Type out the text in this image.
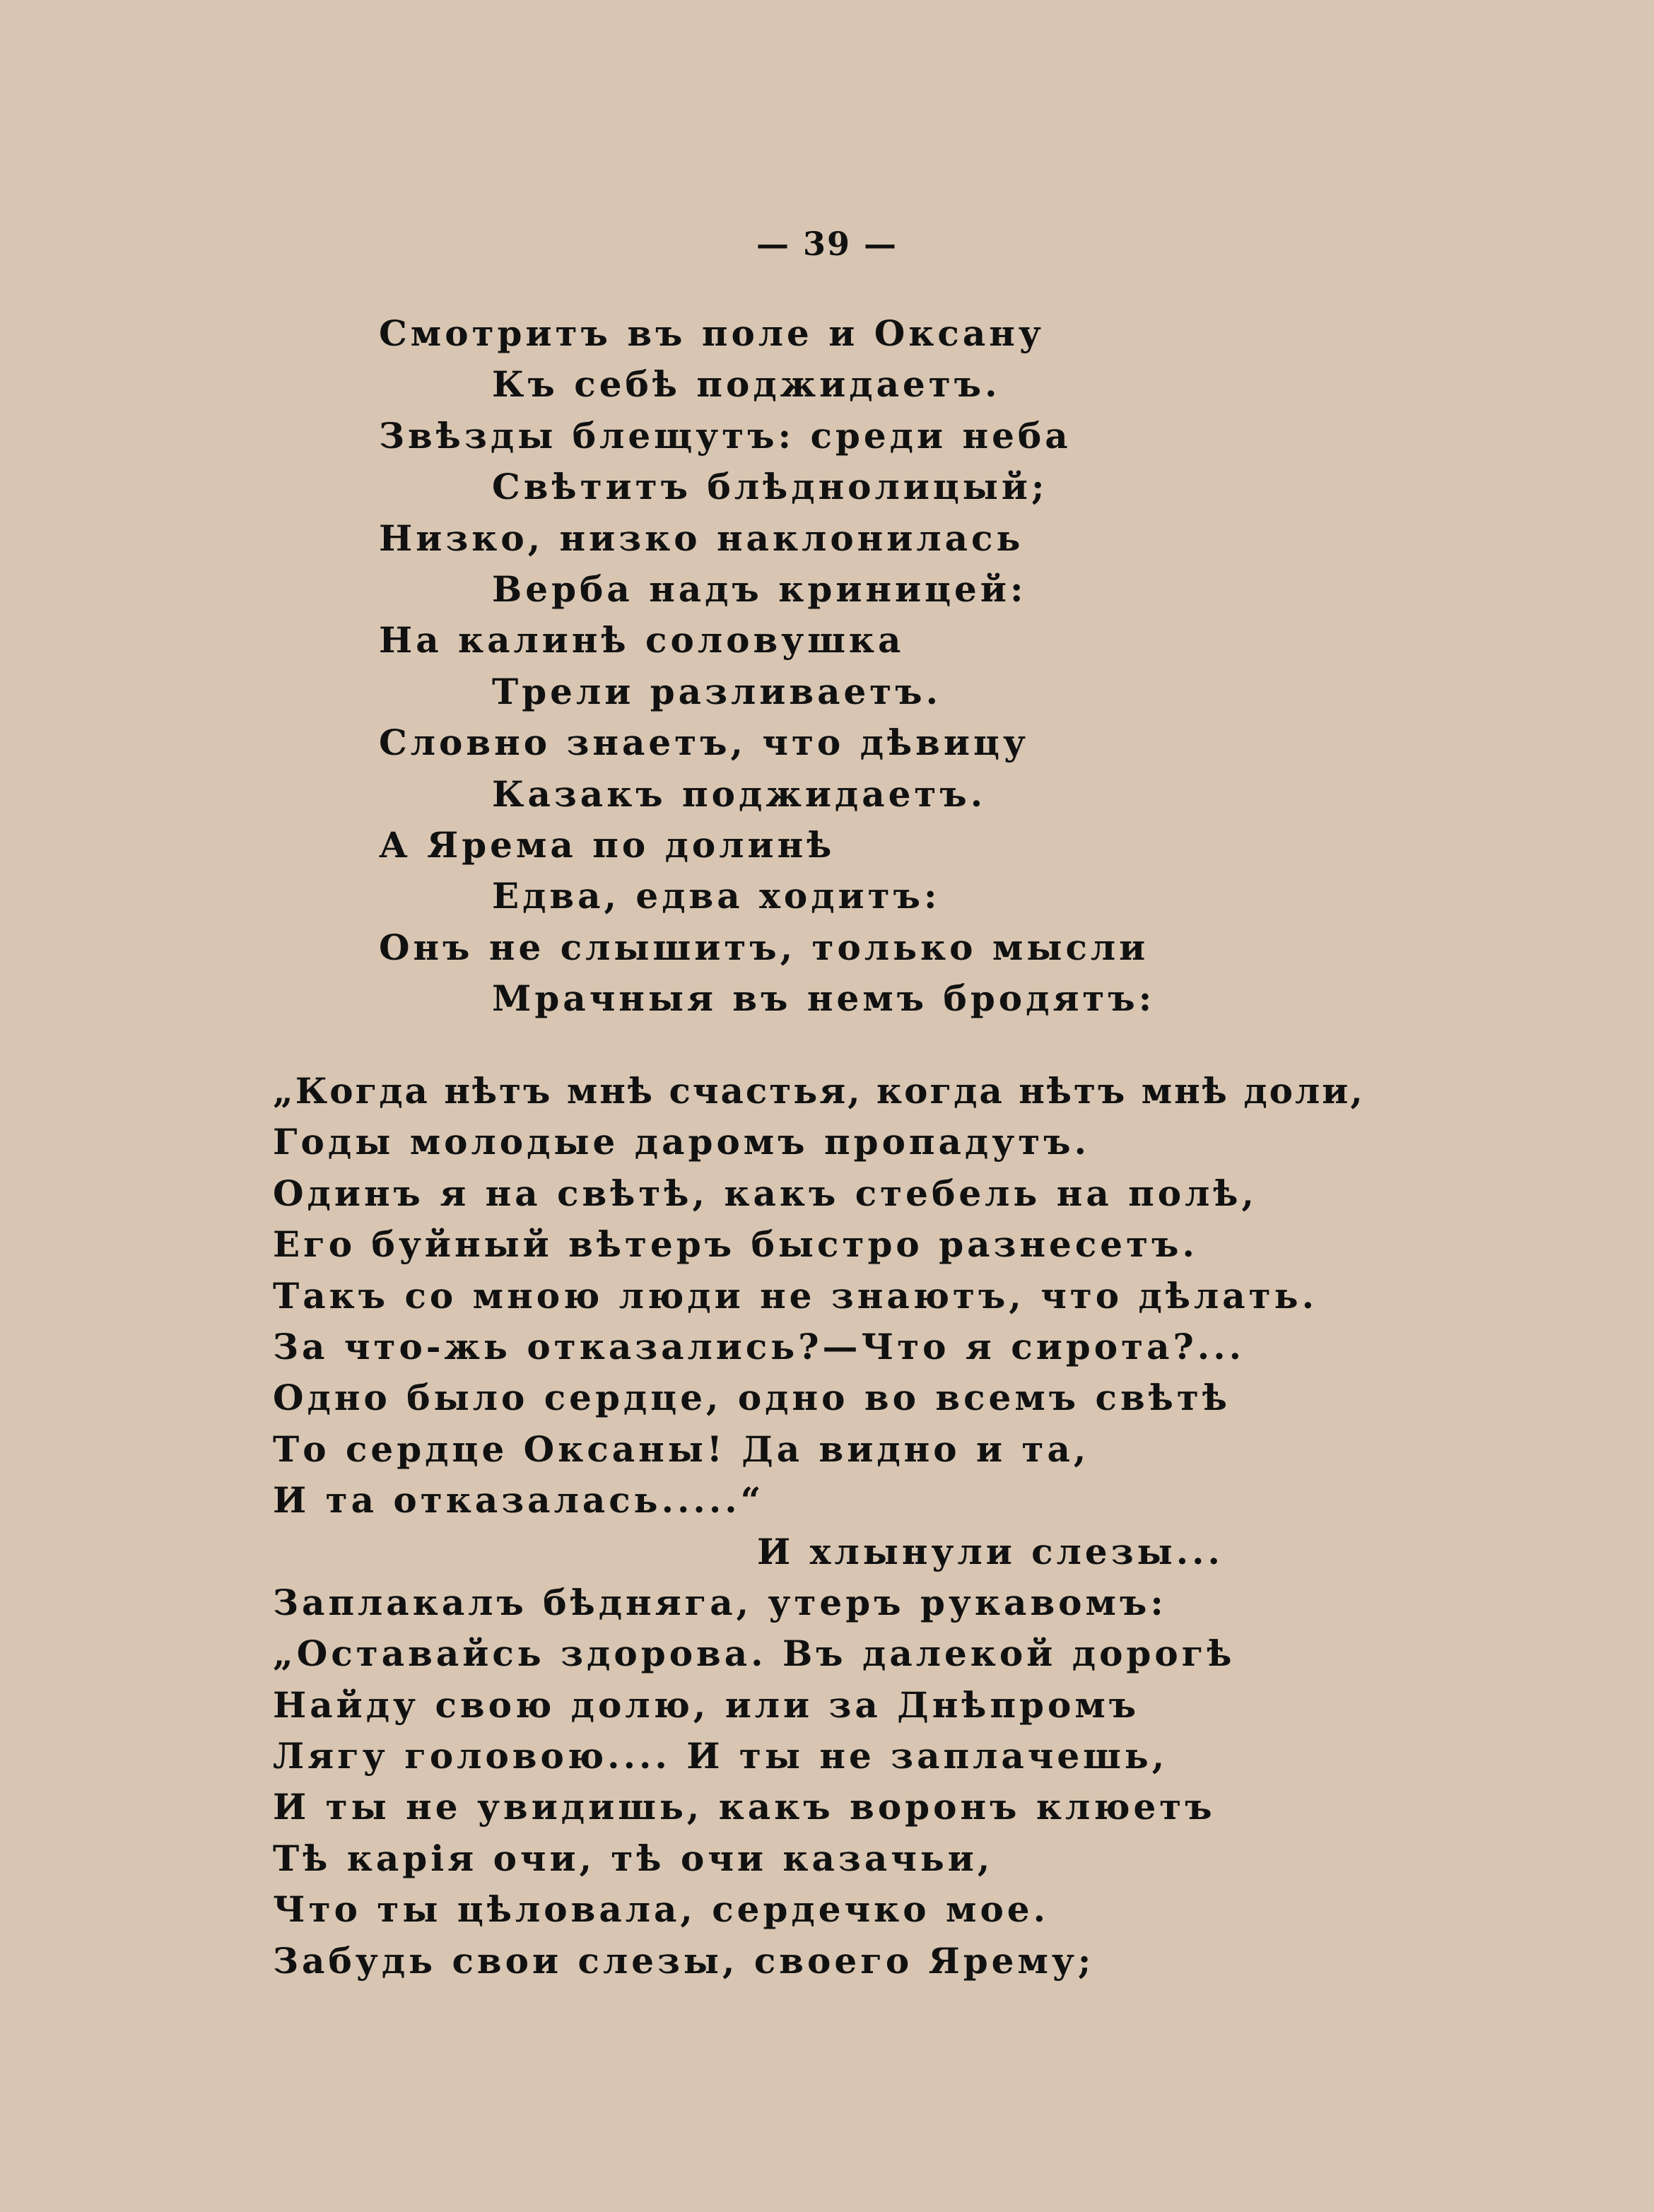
— 39 —
Смотритъ въ поле и Оксану
Къ себѣ поджидаетъ.
Звѣзды блещутъ: среди неба
Свѣтитъ блѣднолицый;
Низко, низко наклонилась
Верба надъ криницей:
На калинѣ соловушка
Трели разливаетъ.
Словно знаетъ, что дѣвицу
Казакъ поджидаетъ.
А Ярема по долинѣ
Едва, едва ходитъ:
Онъ не слышитъ, только мысли
Мрачныя въ немъ бродятъ:
„Когда нѣтъ мнѣ счастья, когда нѣтъ мнѣ доли,
Годы молодые даромъ пропадутъ.
Одинъ я на свѣтѣ, какъ стебель на полѣ,
Его буйный вѣтеръ быстро разнесетъ.
Такъ со мною люди не знаютъ, что дѣлать.
За что-жь отказались?—Что я сирота?...
Одно было сердце, одно во всемъ свѣтѣ
То сердце Оксаны! Да видно и та,
И та отказалась.....“
И хлынули слезы...
Заплакалъ бѣдняга, утеръ рукавомъ:
„Оставайсь здорова. Въ далекой дорогѣ
Найду свою долю, или за Днѣпромъ
Лягу головою.... И ты не заплачешь,
И ты не увидишь, какъ воронъ клюетъ
Тѣ карія очи, тѣ очи казачьи,
Что ты цѣловала, сердечко мое.
Забудь свои слезы, своего Ярему;
